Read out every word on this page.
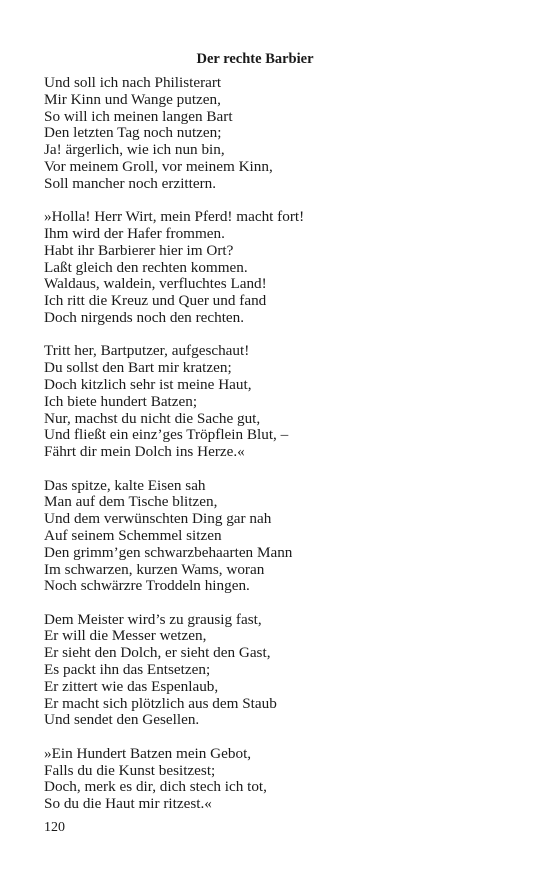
Der rechte Barbier
Und soll ich nach Philisterart
Mir Kinn und Wange putzen,
So will ich meinen langen Bart
Den letzten Tag noch nutzen;
Ja! ärgerlich, wie ich nun bin,
Vor meinem Groll, vor meinem Kinn,
Soll mancher noch erzittern.
»Holla! Herr Wirt, mein Pferd! macht fort!
Ihm wird der Hafer frommen.
Habt ihr Barbierer hier im Ort?
Laßt gleich den rechten kommen.
Waldaus, waldein, verfluchtes Land!
Ich ritt die Kreuz und Quer und fand
Doch nirgends noch den rechten.
Tritt her, Bartputzer, aufgeschaut!
Du sollst den Bart mir kratzen;
Doch kitzlich sehr ist meine Haut,
Ich biete hundert Batzen;
Nur, machst du nicht die Sache gut,
Und fließt ein einz’ges Tröpflein Blut, –
Fährt dir mein Dolch ins Herze.«
Das spitze, kalte Eisen sah
Man auf dem Tische blitzen,
Und dem verwünschten Ding gar nah
Auf seinem Schemmel sitzen
Den grimm’gen schwarzbehaarten Mann
Im schwarzen, kurzen Wams, woran
Noch schwärzre Troddeln hingen.
Dem Meister wird’s zu grausig fast,
Er will die Messer wetzen,
Er sieht den Dolch, er sieht den Gast,
Es packt ihn das Entsetzen;
Er zittert wie das Espenlaub,
Er macht sich plötzlich aus dem Staub
Und sendet den Gesellen.
»Ein Hundert Batzen mein Gebot,
Falls du die Kunst besitzest;
Doch, merk es dir, dich stech ich tot,
So du die Haut mir ritzest.«
120
